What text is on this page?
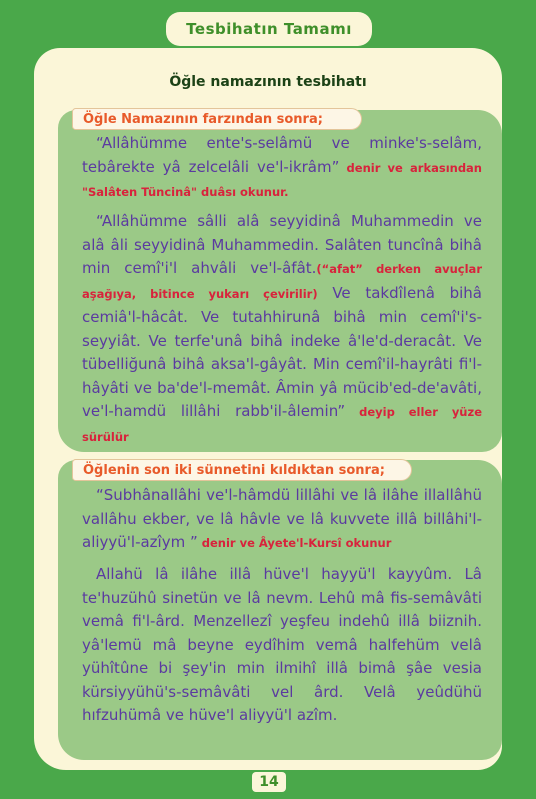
Tesbihatın Tamamı
Öğle namazının tesbihatı
Öğle Namazının farzından sonra;
“Allâhümme ente's-selâmü ve minke's-selâm, tebârekte yâ zelcelâli ve'l-ikrâm” denir ve arkasından "Salâten Tüncinâ" duâsı okunur.
“Allâhümme sâlli alâ seyyidinâ Muhammedin ve alâ âli seyyidinâ Muhammedin. Salâten tuncînâ bihâ min cemî'i'l ahvâli ve'l-âfât.(“afat” derken avuçlar aşağıya, bitince yukarı çevirilir) Ve takdîlenâ bihâ cemiâ'l-hâcât. Ve tutahhirunâ bihâ min cemî'i's-seyyiât. Ve terfe'unâ bihâ indeke â'le'd-deracât. Ve tübelliğunâ bihâ aksa'l-gâyât. Min cemî'il-hayrâti fi'l-hâyâti ve ba'de'l-memât. Âmin yâ mücib'ed-de'avâti, ve'l-hamdü lillâhi rabb'il-âlemin” deyip eller yüze sürülür
Öğlenin son iki sünnetini kıldıktan sonra;
“Subhânallâhi ve'l-hâmdü lillâhi ve lâ ilâhe illallâhü vallâhu ekber, ve lâ hâvle ve lâ kuvvete illâ billâhi'l-aliyyü'l-azîym ” denir ve Âyete'l-Kursî okunur
Allahü lâ ilâhe illâ hüve'l hayyü'l kayyûm. Lâ te'huzühû sinetün ve lâ nevm. Lehû mâ fis-semâvâti vemâ fi'l-ârd. Menzellezî yeşfeu indehû illâ biiznih. yâ'lemü mâ beyne eydîhim vemâ halfehüm velâ yühîtûne bi şey'in min ilmihî illâ bimâ şâe vesia kürsiyyühü's-semâvâti vel ârd. Velâ yeûdühü hıfzuhümâ ve hüve'l aliyyü'l azîm.
14
